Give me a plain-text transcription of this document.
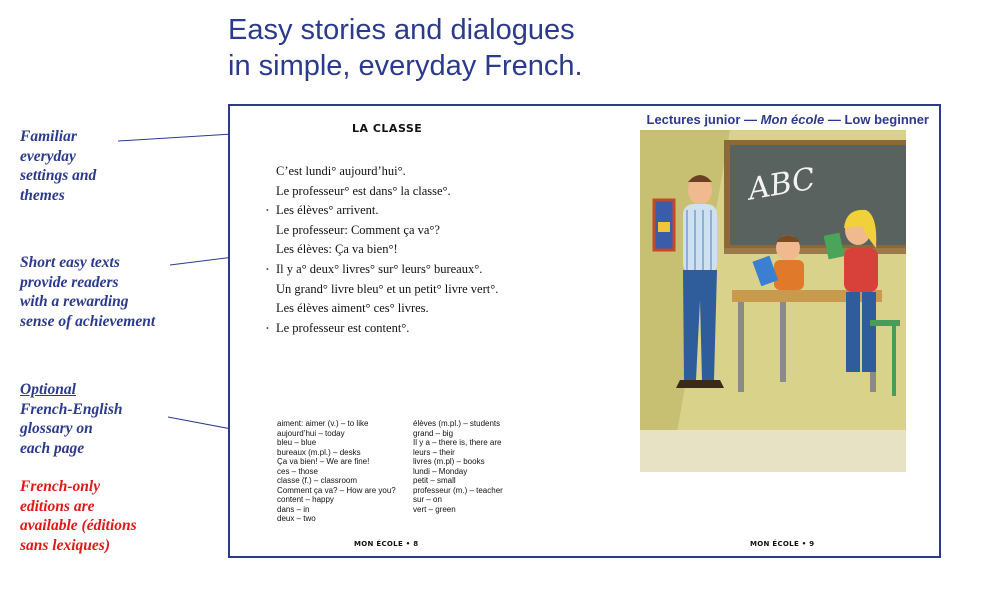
Easy stories and dialogues
in simple, everyday French.
Familiar
everyday
settings and
themes
Short easy texts
provide readers
with a rewarding
sense of achievement
Optional
French-English
glossary on
each page
French-only
editions are
available (éditions
sans lexiques)
Lectures junior — Mon école — Low beginner
LA CLASSE
C’est lundi° aujourd’hui°.
Le professeur° est dans° la classe°.
• Les élèves° arrivent.
Le professeur: Comment ça va°?
Les élèves: Ça va bien°!
• Il y a° deux° livres° sur° leurs° bureaux°.
Un grand° livre bleu° et un petit° livre vert°.
Les élèves aiment° ces° livres.
• Le professeur est content°.
aiment: aimer (v.) – to like
aujourd’hui – today
bleu – blue
bureaux (m.pl.) – desks
Ça va bien! – We are fine!
ces – those
classe (f.) – classroom
Comment ça va? – How are you?
content – happy
dans – in
deux – two
élèves (m.pl.) – students
grand – big
Il y a – there is, there are
leurs – their
livres (m.pl) – books
lundi – Monday
petit – small
professeur (m.) – teacher
sur – on
vert – green
MON ÉCOLE • 8	MON ÉCOLE • 9
ABC
